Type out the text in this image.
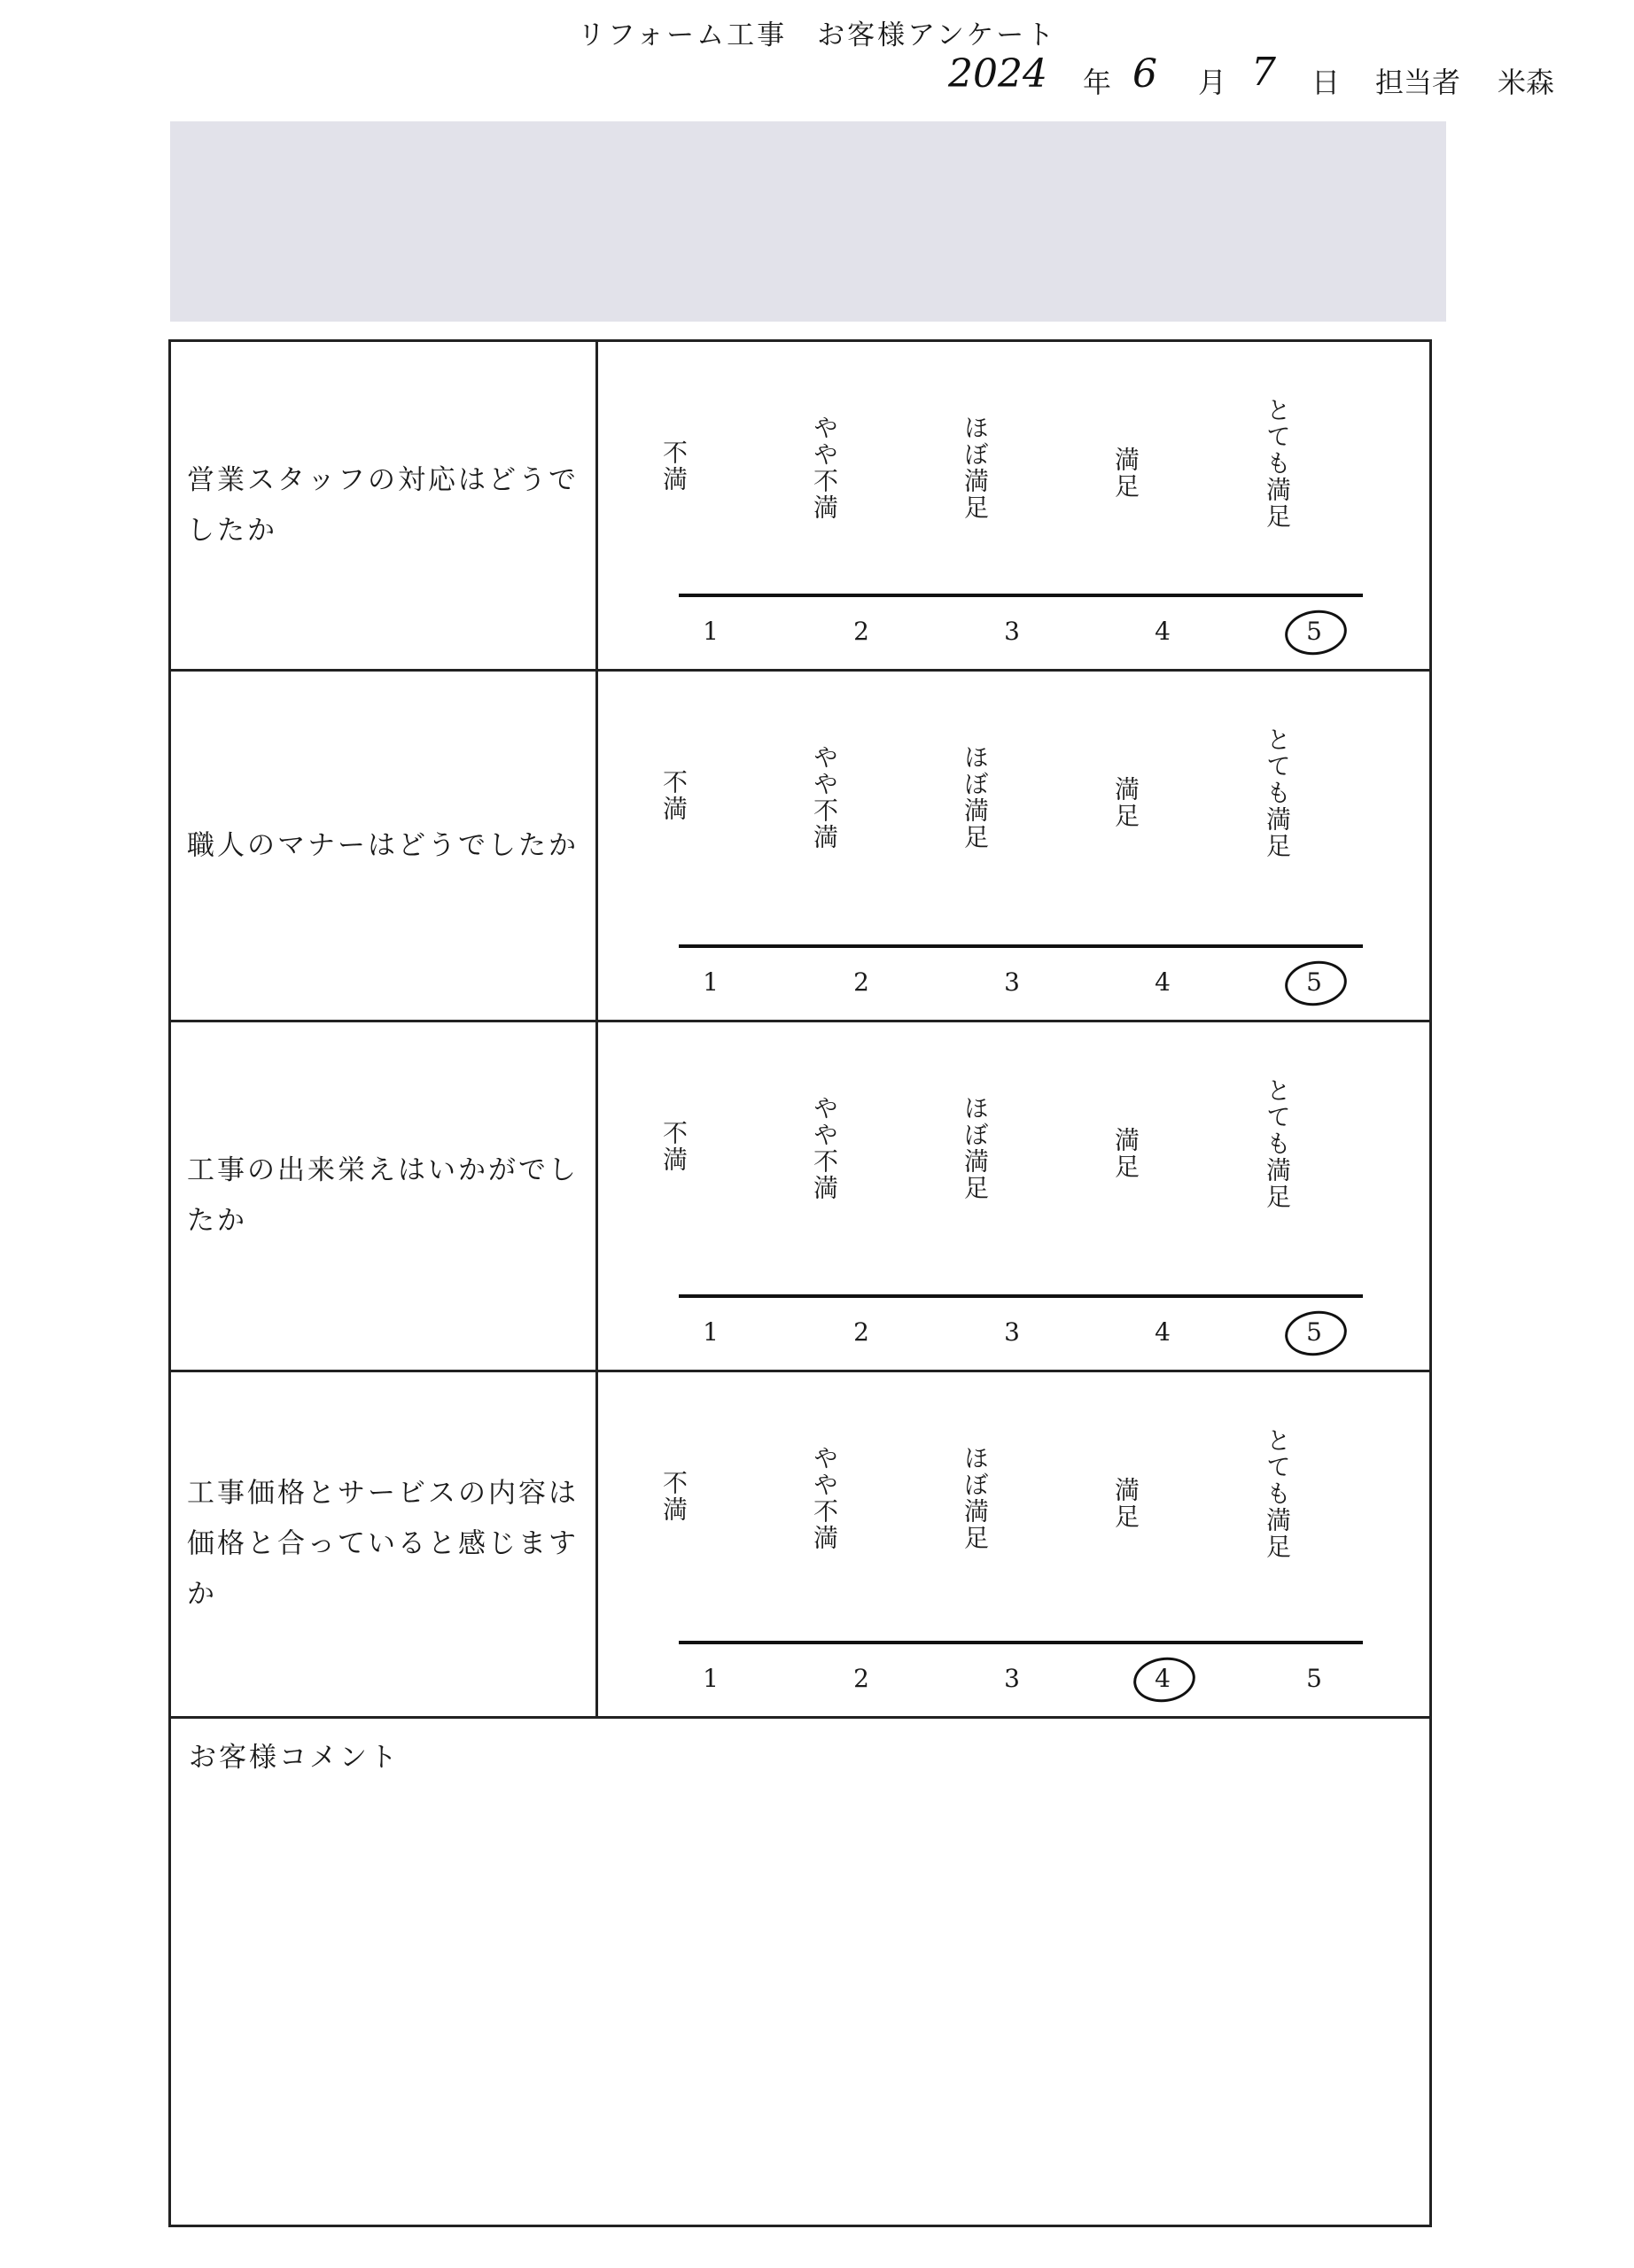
リフォーム工事　お客様アンケート
2024 年 6 月 7 日 担当者 米森
お客様コメント
営業スタッフの対応はどうでしたか
不満	やや不満	ほぼ満足	満足	とても満足
1	2	3	4	5
職人のマナーはどうでしたか
不満	やや不満	ほぼ満足	満足	とても満足
1	2	3	4	5
工事の出来栄えはいかがでしたか
不満	やや不満	ほぼ満足	満足	とても満足
1	2	3	4	5
工事価格とサービスの内容は価格と合っていると感じますか
不満	やや不満	ほぼ満足	満足	とても満足
1	2	3	4	5
